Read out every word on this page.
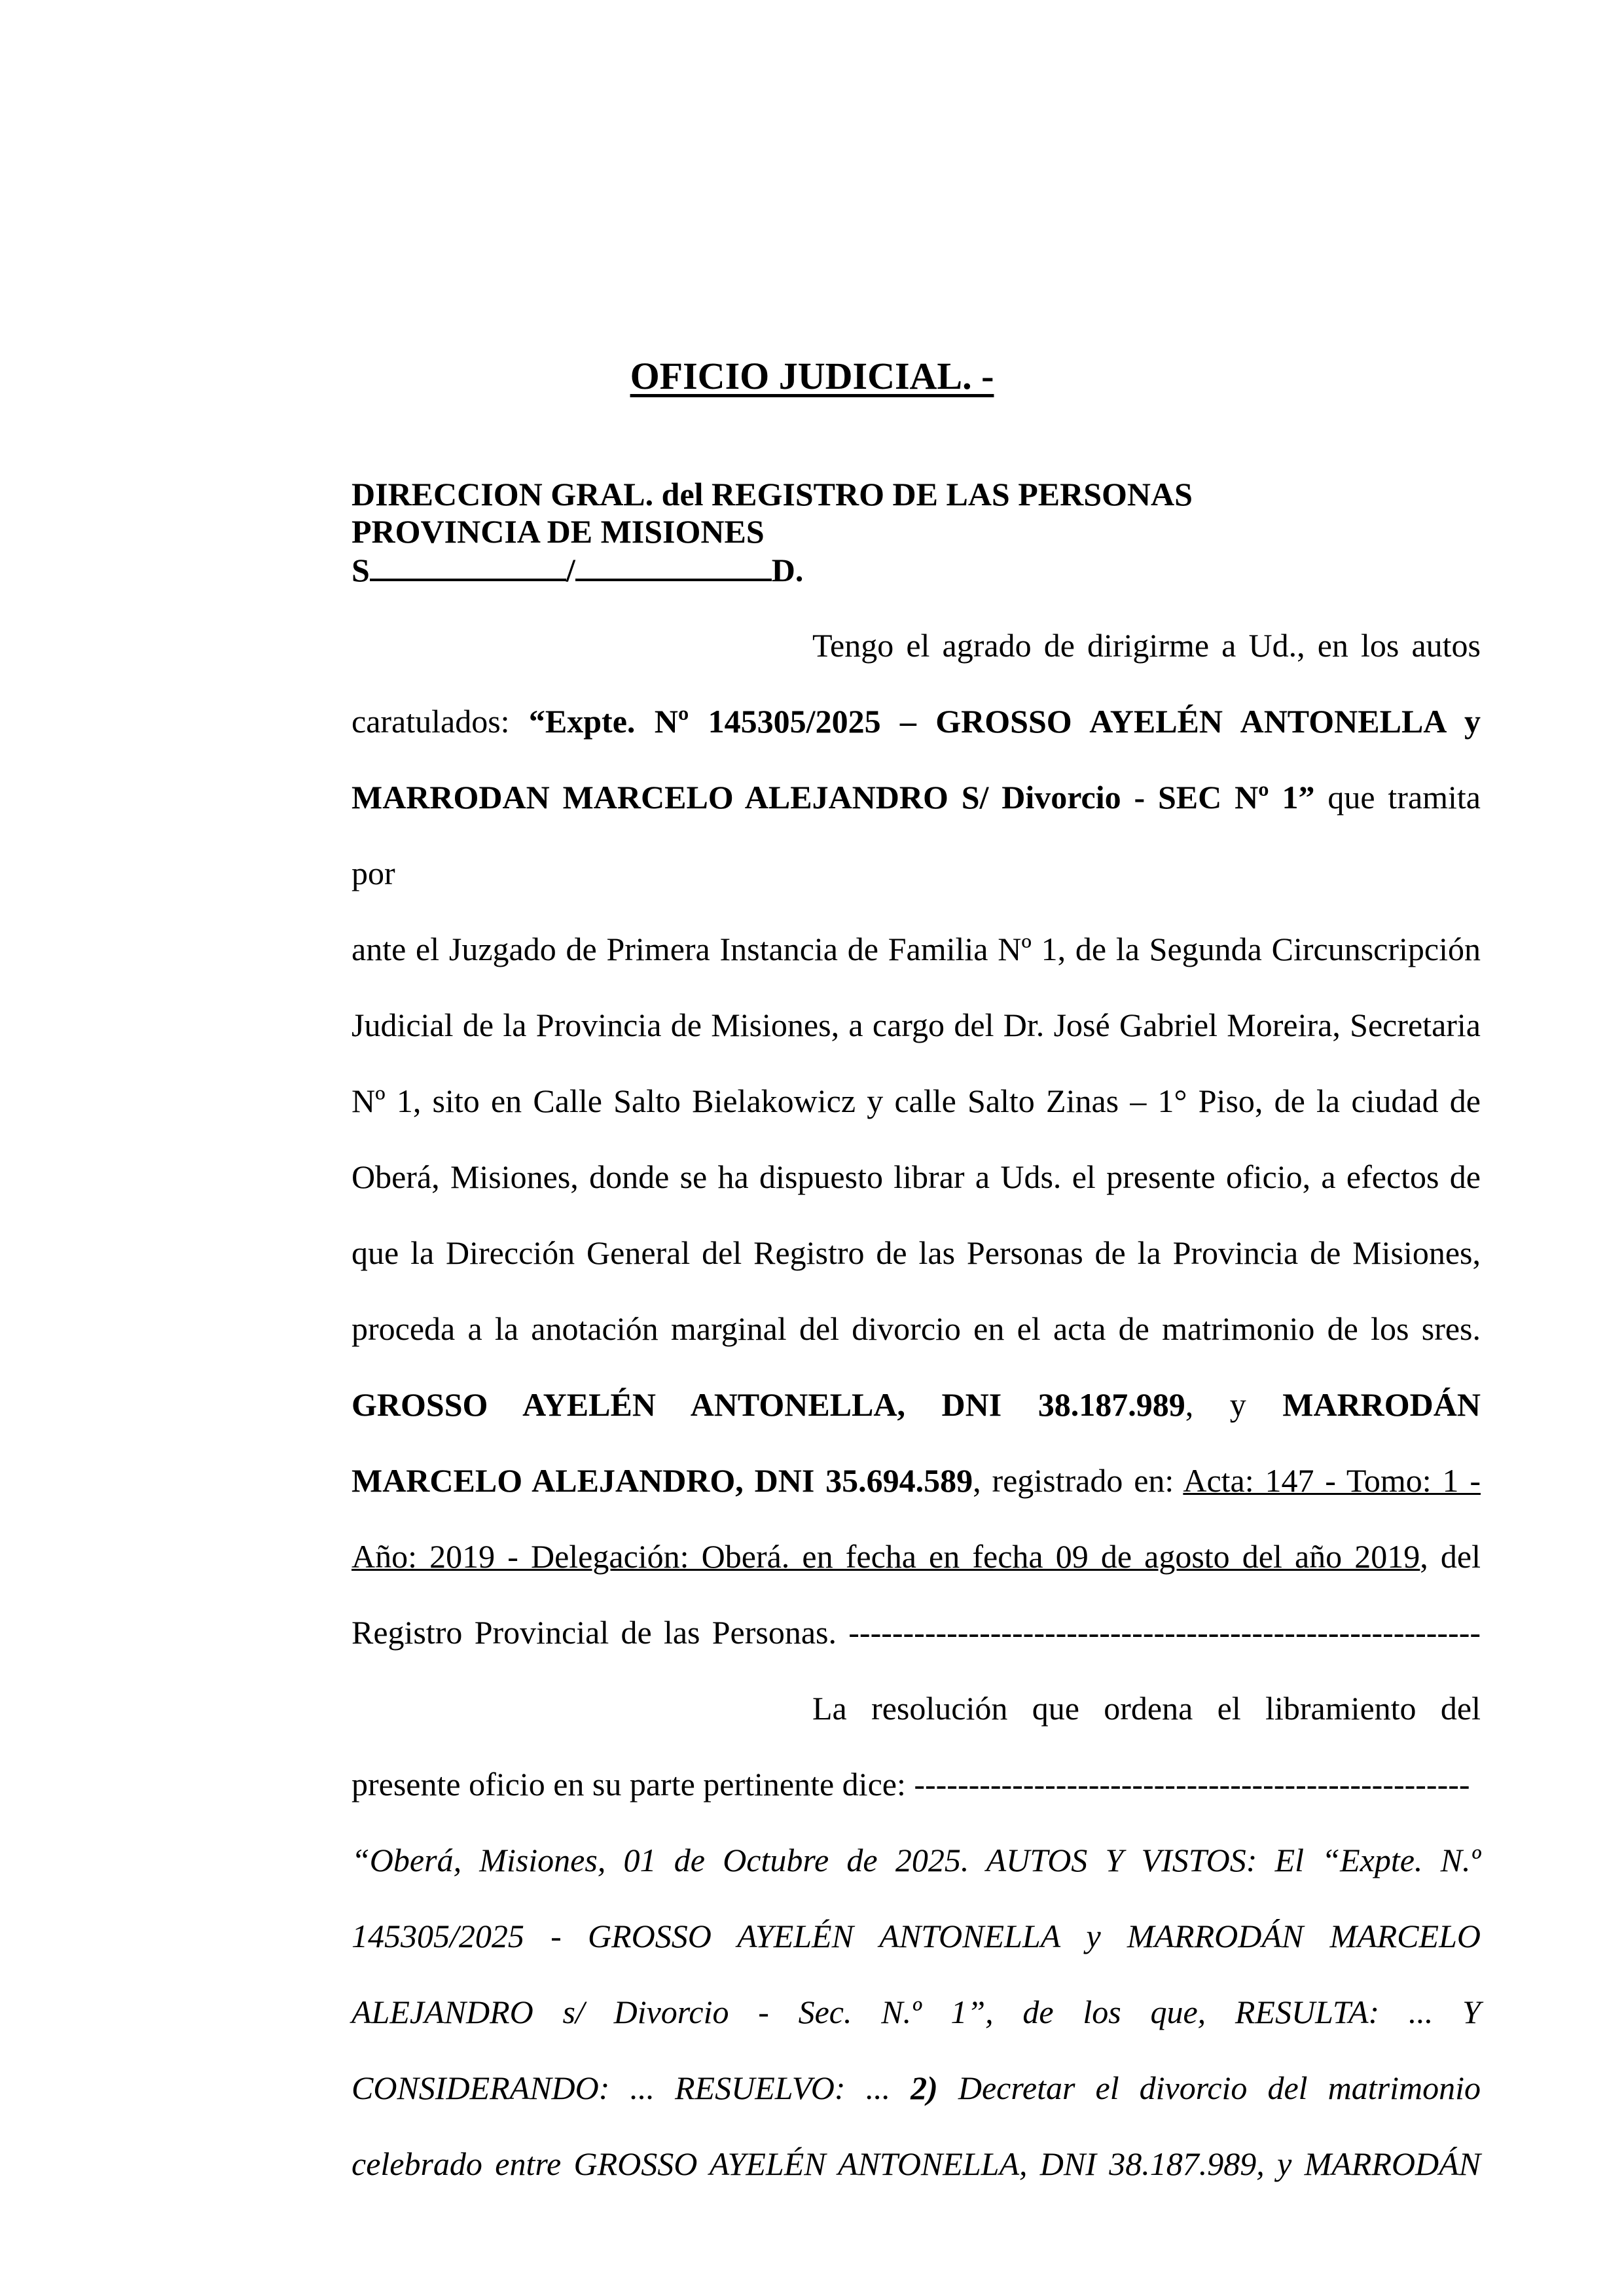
OFICIO JUDICIAL. -
DIRECCION GRAL. del REGISTRO DE LAS PERSONAS
PROVINCIA DE MISIONES
S	/	D.
Tengo el agrado de dirigirme a Ud., en los autos
caratulados: “Expte. Nº 145305/2025 – GROSSO AYELÉN ANTONELLA y
MARRODAN MARCELO ALEJANDRO S/ Divorcio - SEC Nº 1” que tramita por
ante el Juzgado de Primera Instancia de Familia Nº 1, de la Segunda Circunscripción
Judicial de la Provincia de Misiones, a cargo del Dr. José Gabriel Moreira, Secretaria
Nº 1, sito en Calle Salto Bielakowicz y calle Salto Zinas – 1° Piso, de la ciudad de
Oberá, Misiones, donde se ha dispuesto librar a Uds. el presente oficio, a efectos de
que la Dirección General del Registro de las Personas de la Provincia de Misiones,
proceda a la anotación marginal del divorcio en el acta de matrimonio de los sres.
GROSSO AYELÉN ANTONELLA, DNI 38.187.989, y MARRODÁN
MARCELO ALEJANDRO, DNI 35.694.589, registrado en: Acta: 147 - Tomo: 1 -
Año: 2019 - Delegación: Oberá. en fecha en fecha 09 de agosto del año 2019, del
Registro Provincial de las Personas. ----------------------------------------------------------
La resolución que ordena el libramiento del
presente oficio en su parte pertinente dice: ---------------------------------------------------
“Oberá, Misiones, 01 de Octubre de 2025. AUTOS Y VISTOS: El “Expte. N.º
145305/2025 - GROSSO AYELÉN ANTONELLA y MARRODÁN MARCELO
ALEJANDRO s/ Divorcio - Sec. N.º 1”, de los que, RESULTA: ... Y
CONSIDERANDO: ... RESUELVO: ... 2) Decretar el divorcio del matrimonio
celebrado entre GROSSO AYELÉN ANTONELLA, DNI 38.187.989, y MARRODÁN
